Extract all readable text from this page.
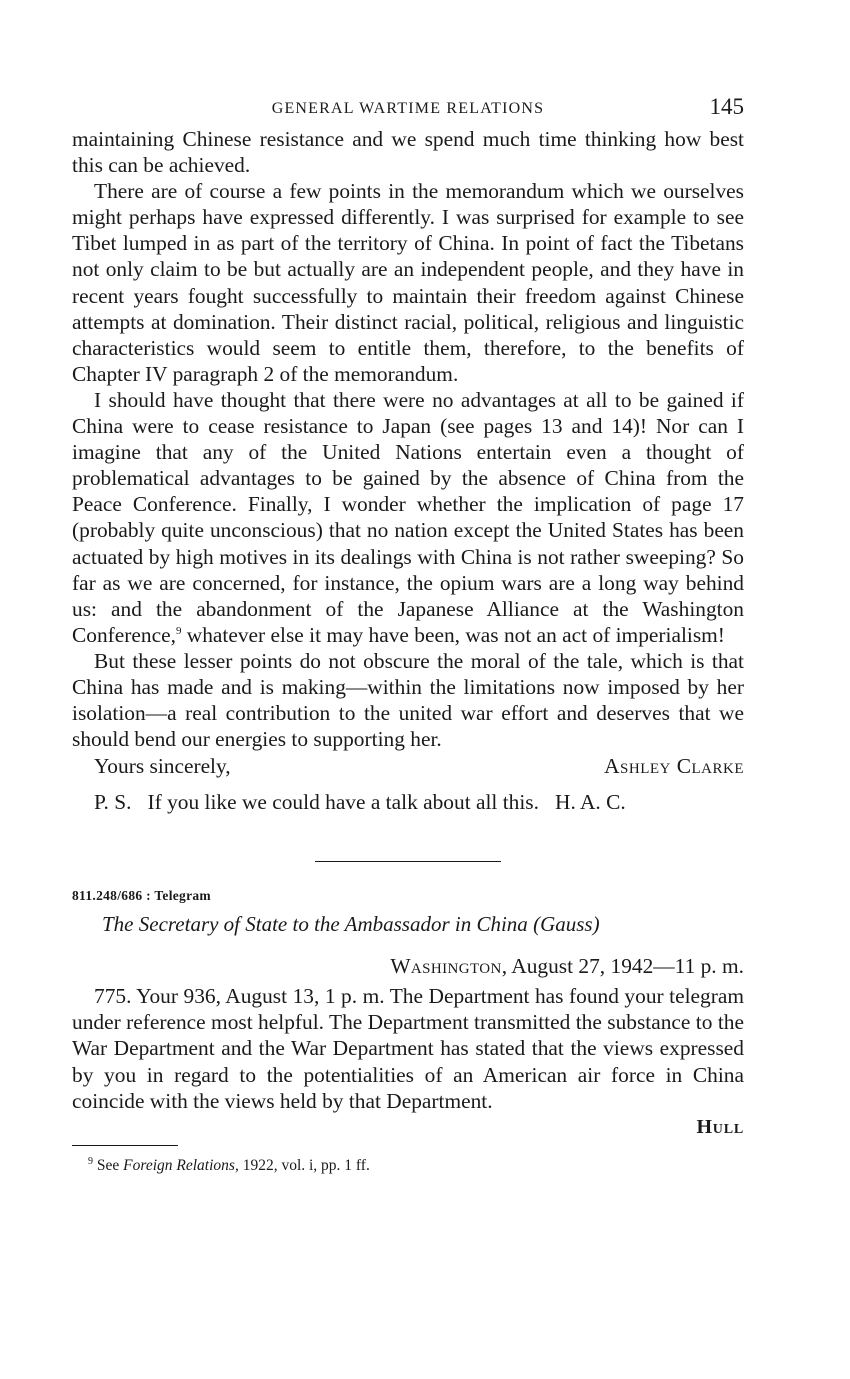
GENERAL WARTIME RELATIONS	145

maintaining Chinese resistance and we spend much time thinking how best this can be achieved.

There are of course a few points in the memorandum which we ourselves might perhaps have expressed differently. I was surprised for example to see Tibet lumped in as part of the territory of China. In point of fact the Tibetans not only claim to be but actually are an independent people, and they have in recent years fought successfully to maintain their freedom against Chinese attempts at domination. Their distinct racial, political, religious and linguistic characteristics would seem to entitle them, therefore, to the benefits of Chapter IV paragraph 2 of the memorandum.

I should have thought that there were no advantages at all to be gained if China were to cease resistance to Japan (see pages 13 and 14)! Nor can I imagine that any of the United Nations entertain even a thought of problematical advantages to be gained by the absence of China from the Peace Conference. Finally, I wonder whether the implication of page 17 (probably quite unconscious) that no nation except the United States has been actuated by high motives in its dealings with China is not rather sweeping? So far as we are concerned, for instance, the opium wars are a long way behind us: and the abandonment of the Japanese Alliance at the Washington Conference,$^9$ whatever else it may have been, was not an act of imperialism!

But these lesser points do not obscure the moral of the tale, which is that China has made and is making—within the limitations now imposed by her isolation—a real contribution to the united war effort and deserves that we should bend our energies to supporting her.

Yours sincerely,	Ashley Clarke
P. S.   If you like we could have a talk about all this.   H. A. C.
811.248/686 : Telegram
The Secretary of State to the Ambassador in China (Gauss)
Washington, August 27, 1942—11 p. m.

775. Your 936, August 13, 1 p. m. The Department has found your telegram under reference most helpful. The Department transmitted the substance to the War Department and the War Department has stated that the views expressed by you in regard to the potentialities of an American air force in China coincide with the views held by that Department.

Hull
$^9$ See Foreign Relations, 1922, vol. i, pp. 1 ff.
